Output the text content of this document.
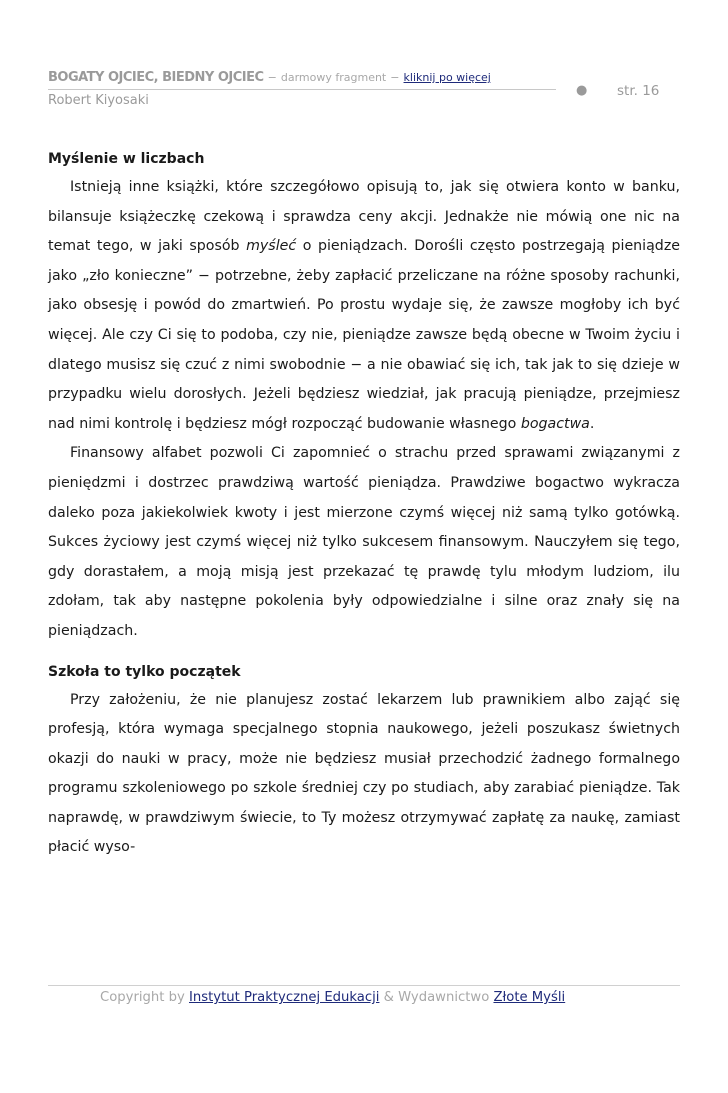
BOGATY OJCIEC, BIEDNY OJCIEC − darmowy fragment − kliknij po więcej
Robert Kiyosaki
● str. 16
Myślenie w liczbach

Istnieją inne książki, które szczegółowo opisują to, jak się otwiera konto w banku, bilansuje książeczkę czekową i sprawdza ceny akcji. Jednakże nie mówią one nic na temat tego, w jaki sposób myśleć o pieniądzach. Dorośli często postrzegają pieniądze jako „zło konieczne” − potrzebne, żeby zapłacić przeliczane na różne sposoby rachunki, jako obsesję i powód do zmartwień. Po prostu wydaje się, że zawsze mogłoby ich być więcej. Ale czy Ci się to podoba, czy nie, pieniądze zawsze będą obecne w Twoim życiu i dlatego musisz się czuć z nimi swobodnie − a nie obawiać się ich, tak jak to się dzieje w przypadku wielu dorosłych. Jeżeli będziesz wiedział, jak pracują pieniądze, przejmiesz nad nimi kontrolę i będziesz mógł rozpocząć budowanie własnego bogactwa.

Finansowy alfabet pozwoli Ci zapomnieć o strachu przed sprawami związanymi z pieniędzmi i dostrzec prawdziwą wartość pieniądza. Prawdziwe bogactwo wykracza daleko poza jakiekolwiek kwoty i jest mierzone czymś więcej niż samą tylko gotówką. Sukces życiowy jest czymś więcej niż tylko sukcesem finansowym. Nauczyłem się tego, gdy dorastałem, a moją misją jest przekazać tę prawdę tylu młodym ludziom, ilu zdołam, tak aby następne pokolenia były odpowiedzialne i silne oraz znały się na pieniądzach.

Szkoła to tylko początek

Przy założeniu, że nie planujesz zostać lekarzem lub prawnikiem albo zająć się profesją, która wymaga specjalnego stopnia naukowego, jeżeli poszukasz świetnych okazji do nauki w pracy, może nie będziesz musiał przechodzić żadnego formalnego programu szkoleniowego po szkole średniej czy po studiach, aby zarabiać pieniądze. Tak naprawdę, w prawdziwym świecie, to Ty możesz otrzymywać zapłatę za naukę, zamiast płacić wyso-

Copyright by Instytut Praktycznej Edukacji & Wydawnictwo Złote Myśli
